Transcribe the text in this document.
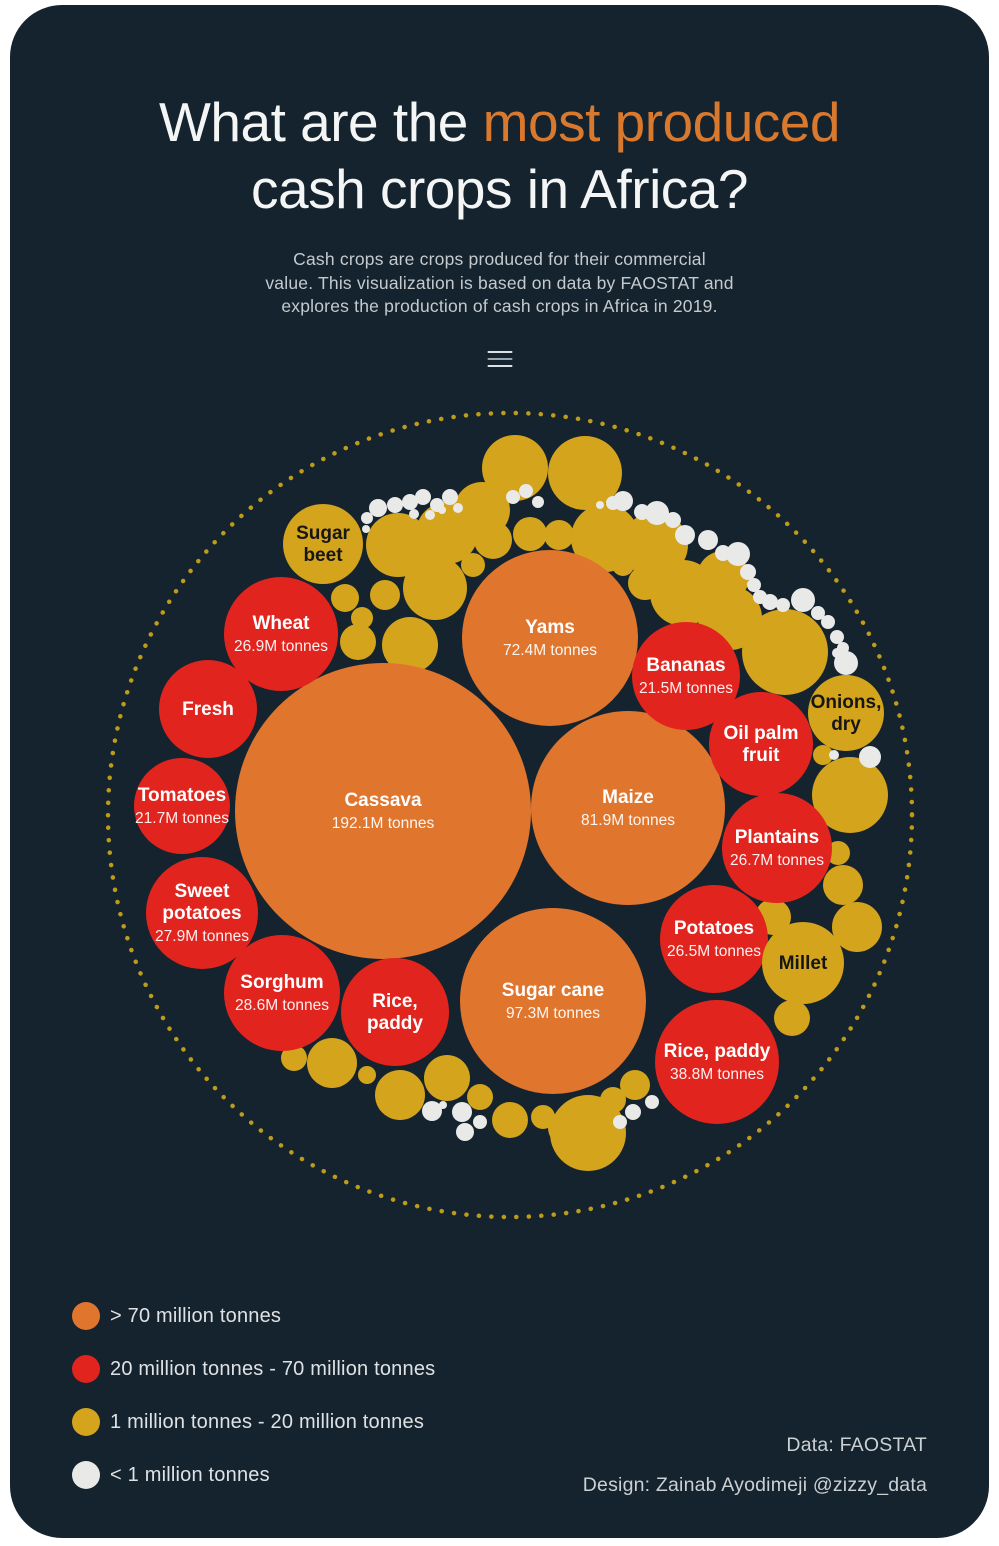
What are the most produced
cash crops in Africa?
Cash crops are crops produced for their commercial
value. This visualization is based on data by FAOSTAT and
explores the production of cash crops in Africa in 2019.
Cassava
192.1M tonnes
Sugar cane
97.3M tonnes
Maize
81.9M tonnes
Yams
72.4M tonnes
Rice, paddy
38.8M tonnes
Sorghum
28.6M tonnes
Sweet
potatoes
27.9M tonnes
Wheat
26.9M tonnes
Plantains
26.7M tonnes
Potatoes
26.5M tonnes
Tomatoes
21.7M tonnes
Bananas
21.5M tonnes
Rice,
paddy
Fresh
Oil palm
fruit
Onions,
dry
Millet
Sugar
beet
> 70 million tonnes
20 million tonnes - 70 million tonnes
1 million tonnes - 20 million tonnes
< 1 million tonnes
Data: FAOSTAT
Design: Zainab Ayodimeji @zizzy_data
